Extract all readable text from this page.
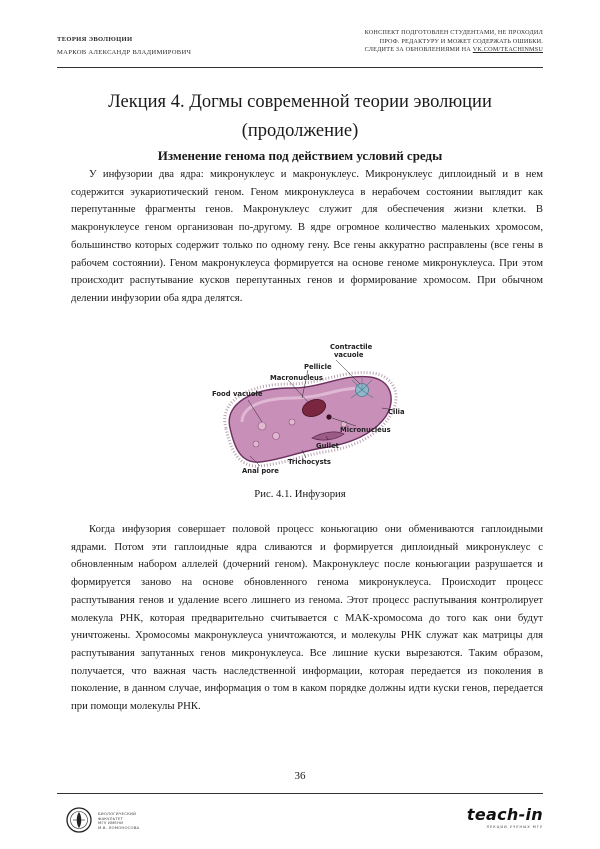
ТЕОРИЯ ЭВОЛЮЦИИ
МАРКОВ АЛЕКСАНДР ВЛАДИМИРОВИЧ
КОНСПЕКТ ПОДГОТОВЛЕН СТУДЕНТАМИ, НЕ ПРОХОДИЛ
ПРОФ. РЕДАКТУРУ И МОЖЕТ СОДЕРЖАТЬ ОШИБКИ.
СЛЕДИТЕ ЗА ОБНОВЛЕНИЯМИ НА VK.COM/TEACHINMSU
Лекция 4. Догмы современной теории эволюции
(продолжение)
Изменение генома под действием условий среды
У инфузории два ядра: микронуклеус и макронуклеус. Микронуклеус диплоидный и в нем содержится эукариотический геном. Геном микронуклеуса в нерабочем состоянии выглядит как перепутанные фрагменты генов. Макронуклеус служит для обеспечения жизни клетки. В макронуклеусе геном организован по-другому. В ядре огромное количество маленьких хромосом, большинство которых содержит только по одному гену. Все гены аккуратно расправлены (все гены в рабочем состоянии). Геном макронуклеуса формируется на основе геноме микронуклеуса. При этом происходит распутывание кусков перепутанных генов и формирование хромосом. При обычном делении инфузории оба ядра делятся.
Contractile
vacuole
Pellicle
Macronucleus
Food vacuole
Cilia
Micronucleus
Gullet
Trichocysts
Anal pore
Рис. 4.1. Инфузория
Когда инфузория совершает половой процесс коньюгацию они обмениваются гаплоидными ядрами. Потом эти гаплоидные ядра сливаются и формируется диплоидный микронуклеус с обновленным набором аллелей (дочерний геном). Макронуклеус после коньюгации разрушается и формируется заново на основе обновленного генома микронуклеуса. Происходит процесс распутывания генов и удаление всего лишнего из генома. Этот процесс распутывания контролирует молекула РНК, которая предварительно считывается с МАК-хромосома до того как они будут уничтожены. Хромосомы макронуклеуса уничтожаются, и молекулы РНК служат как матрицы для распутывания запутанных генов микронуклеуса. Все лишние куски вырезаются. Таким образом, получается, что важная часть наследственной информации, которая передается из поколения в поколение, в данном случае, информация о том в каком порядке должны идти куски генов, передается при помощи молекулы РНК.
36
БИОЛОГИЧЕСКИЙ
ФАКУЛЬТЕТ
МГУ ИМЕНИ
М.В. ЛОМОНОСОВА
teach-in
ЛЕКЦИИ УЧЕНЫХ МГУ
